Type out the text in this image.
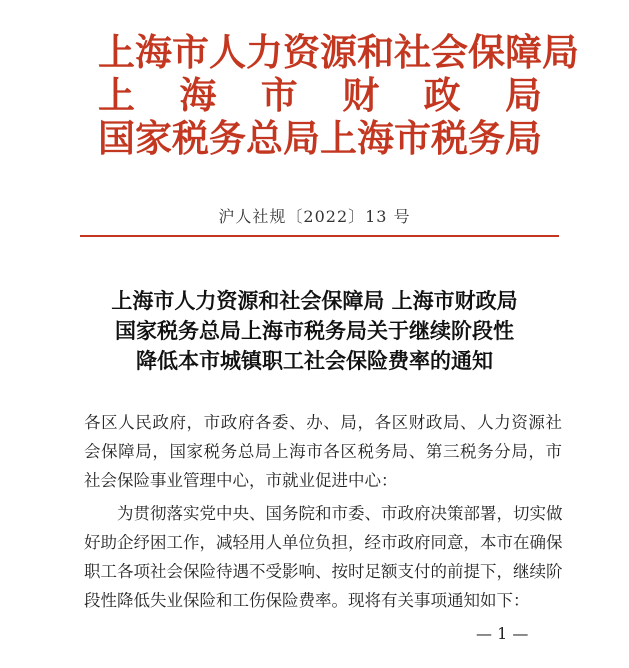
上海市人力资源和社会保障局
上　海　市　财　政　局
国家税务总局上海市税务局
沪人社规〔2022〕13 号
上海市人力资源和社会保障局 上海市财政局
国家税务总局上海市税务局关于继续阶段性
降低本市城镇职工社会保险费率的通知
各区人民政府，市政府各委、办、局，各区财政局、人力资源社
会保障局，国家税务总局上海市各区税务局、第三税务分局，市
社会保险事业管理中心，市就业促进中心：
　　为贯彻落实党中央、国务院和市委、市政府决策部署，切实做
好助企纾困工作，减轻用人单位负担，经市政府同意，本市在确保
职工各项社会保险待遇不受影响、按时足额支付的前提下，继续阶
段性降低失业保险和工伤保险费率。现将有关事项通知如下：
— 1 —
